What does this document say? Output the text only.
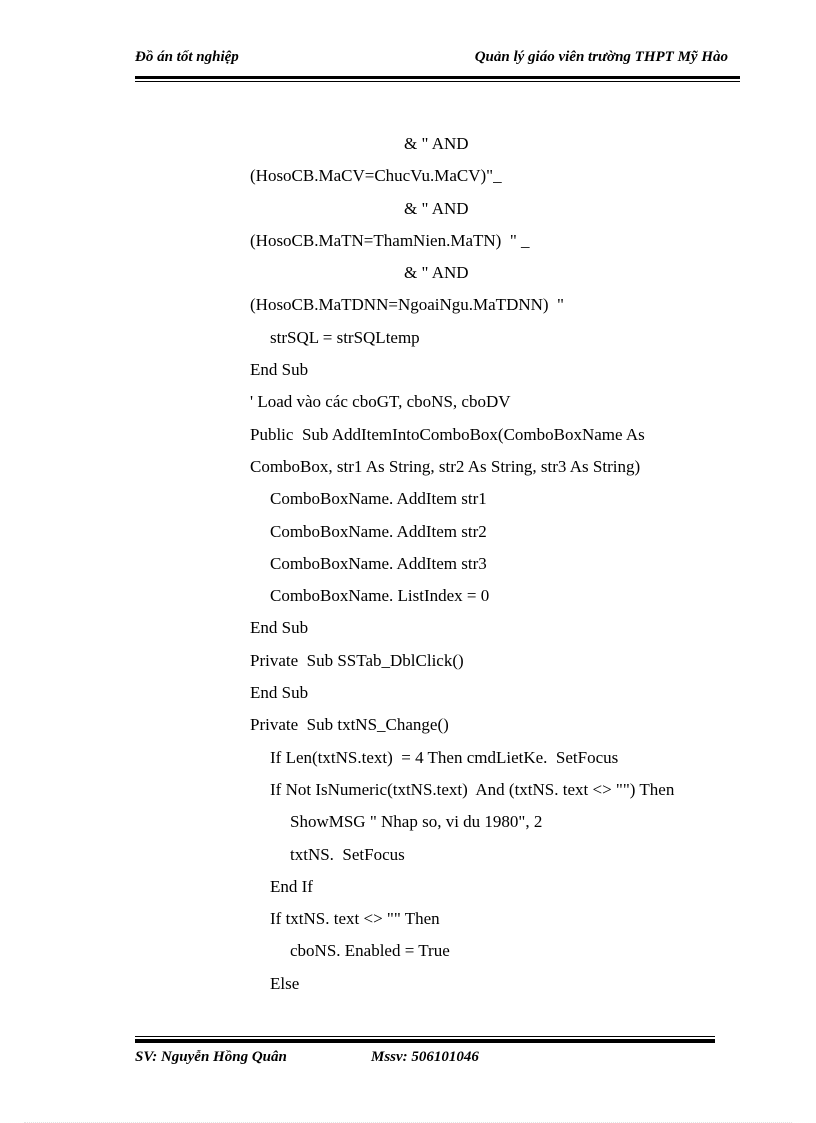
Đồ án tốt nghiệp	Quản lý giáo viên trường THPT Mỹ Hào
& " AND
(HosoCB.MaCV=ChucVu.MaCV)"_
& " AND
(HosoCB.MaTN=ThamNien.MaTN)  " _
& " AND
(HosoCB.MaTDNN=NgoaiNgu.MaTDNN)  "
strSQL = strSQLtemp
End Sub
' Load vào các cboGT, cboNS, cboDV
Public  Sub AddItemIntoComboBox(ComboBoxName As
ComboBox, str1 As String, str2 As String, str3 As String)
ComboBoxName. AddItem str1
ComboBoxName. AddItem str2
ComboBoxName. AddItem str3
ComboBoxName. ListIndex = 0
End Sub
Private  Sub SSTab_DblClick()
End Sub
Private  Sub txtNS_Change()
If Len(txtNS.text)  = 4 Then cmdLietKe.  SetFocus
If Not IsNumeric(txtNS.text)  And (txtNS. text <> "") Then
ShowMSG " Nhap so, vi du 1980", 2
txtNS.  SetFocus
End If
If txtNS. text <> "" Then
cboNS. Enabled = True
Else
SV: Nguyễn Hồng Quân	Mssv: 506101046
